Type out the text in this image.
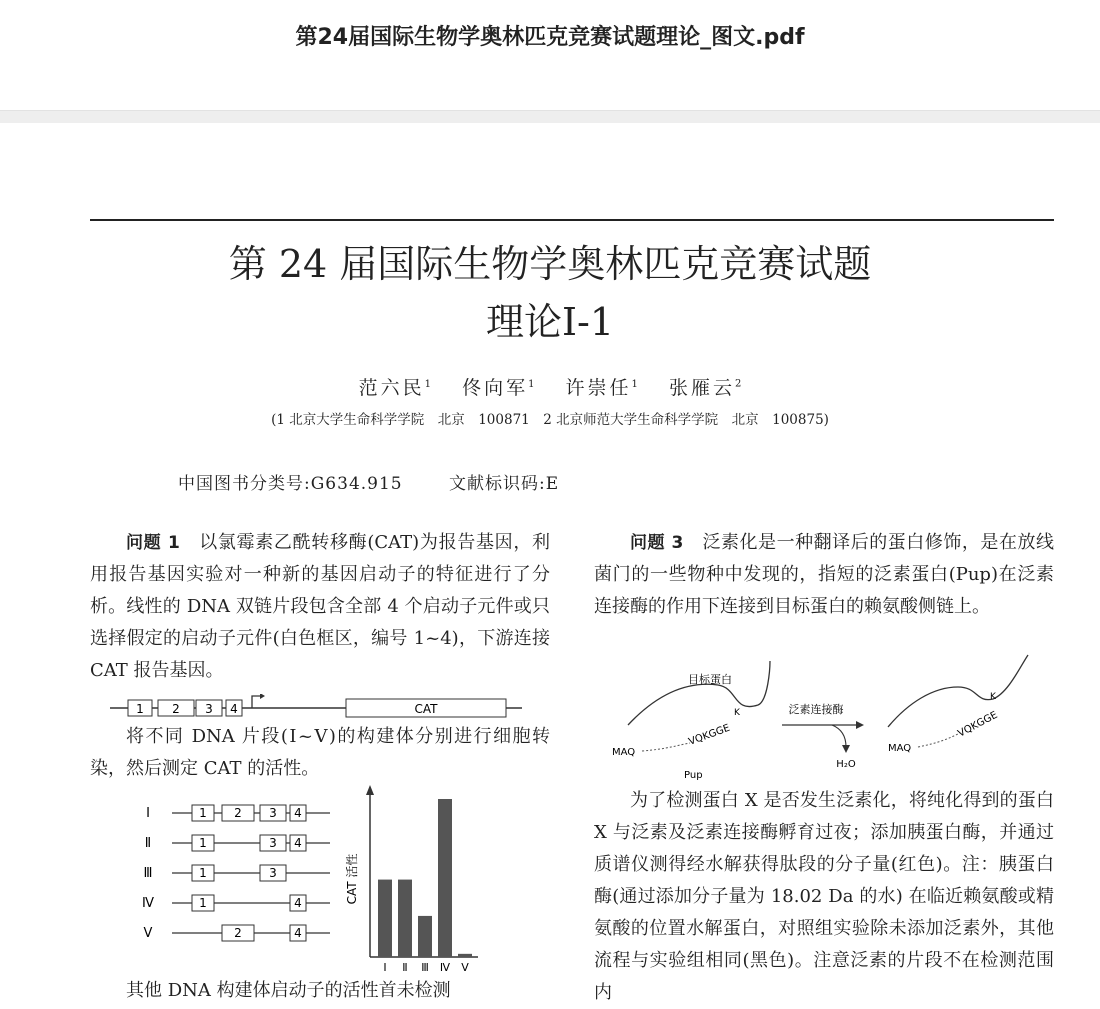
第24届国际生物学奥林匹克竞赛试题理论_图文.pdf
第 24 届国际生物学奥林匹克竞赛试题
理论Ⅰ-1
范六民$^1$ 佟向军$^1$ 许崇任$^1$ 张雁云$^2$
(1 北京大学生命科学学院　北京　100871　2 北京师范大学生命科学学院　北京　100875)
中国图书分类号:G634.915	文献标识码:E

问题 1　 以氯霉素乙酰转移酶(CAT)为报告基因，利用报告基因实验对一种新的基因启动子的特征进行了分析。线性的 DNA 双链片段包含全部 4 个启动子元件或只选择假定的启动子元件(白色框区，编号 1~4)，下游连接 CAT 报告基因。

1 2 3 4	CAT

将不同 DNA 片段(Ⅰ~Ⅴ)的构建体分别进行细胞转染，然后测定 CAT 的活性。

Ⅰ
Ⅱ
Ⅲ
Ⅳ
Ⅴ
1 2 3 4
1	3 4
1	3
1	4
2	4
CAT 活性
Ⅰ Ⅱ Ⅲ Ⅳ Ⅴ

其他 DNA 构建体启动子的活性首未检测

问题 3　 泛素化是一种翻译后的蛋白修饰，是在放线菌门的一些物种中发现的，指短的泛素蛋白(Pup)在泛素连接酶的作用下连接到目标蛋白的赖氨酸侧链上。

目标蛋白
K
MAQ
VQKGGE
Pup
泛素连接酶
H₂O
K
MAQ
VQKGGE

为了检测蛋白 X 是否发生泛素化，将纯化得到的蛋白 X 与泛素及泛素连接酶孵育过夜；添加胰蛋白酶，并通过质谱仪测得经水解获得肽段的分子量(红色)。注：胰蛋白酶(通过添加分子量为 18.02 Da 的水) 在临近赖氨酸或精氨酸的位置水解蛋白，对照组实验除未添加泛素外，其他流程与实验组相同(黑色)。注意泛素的片段不在检测范围内
